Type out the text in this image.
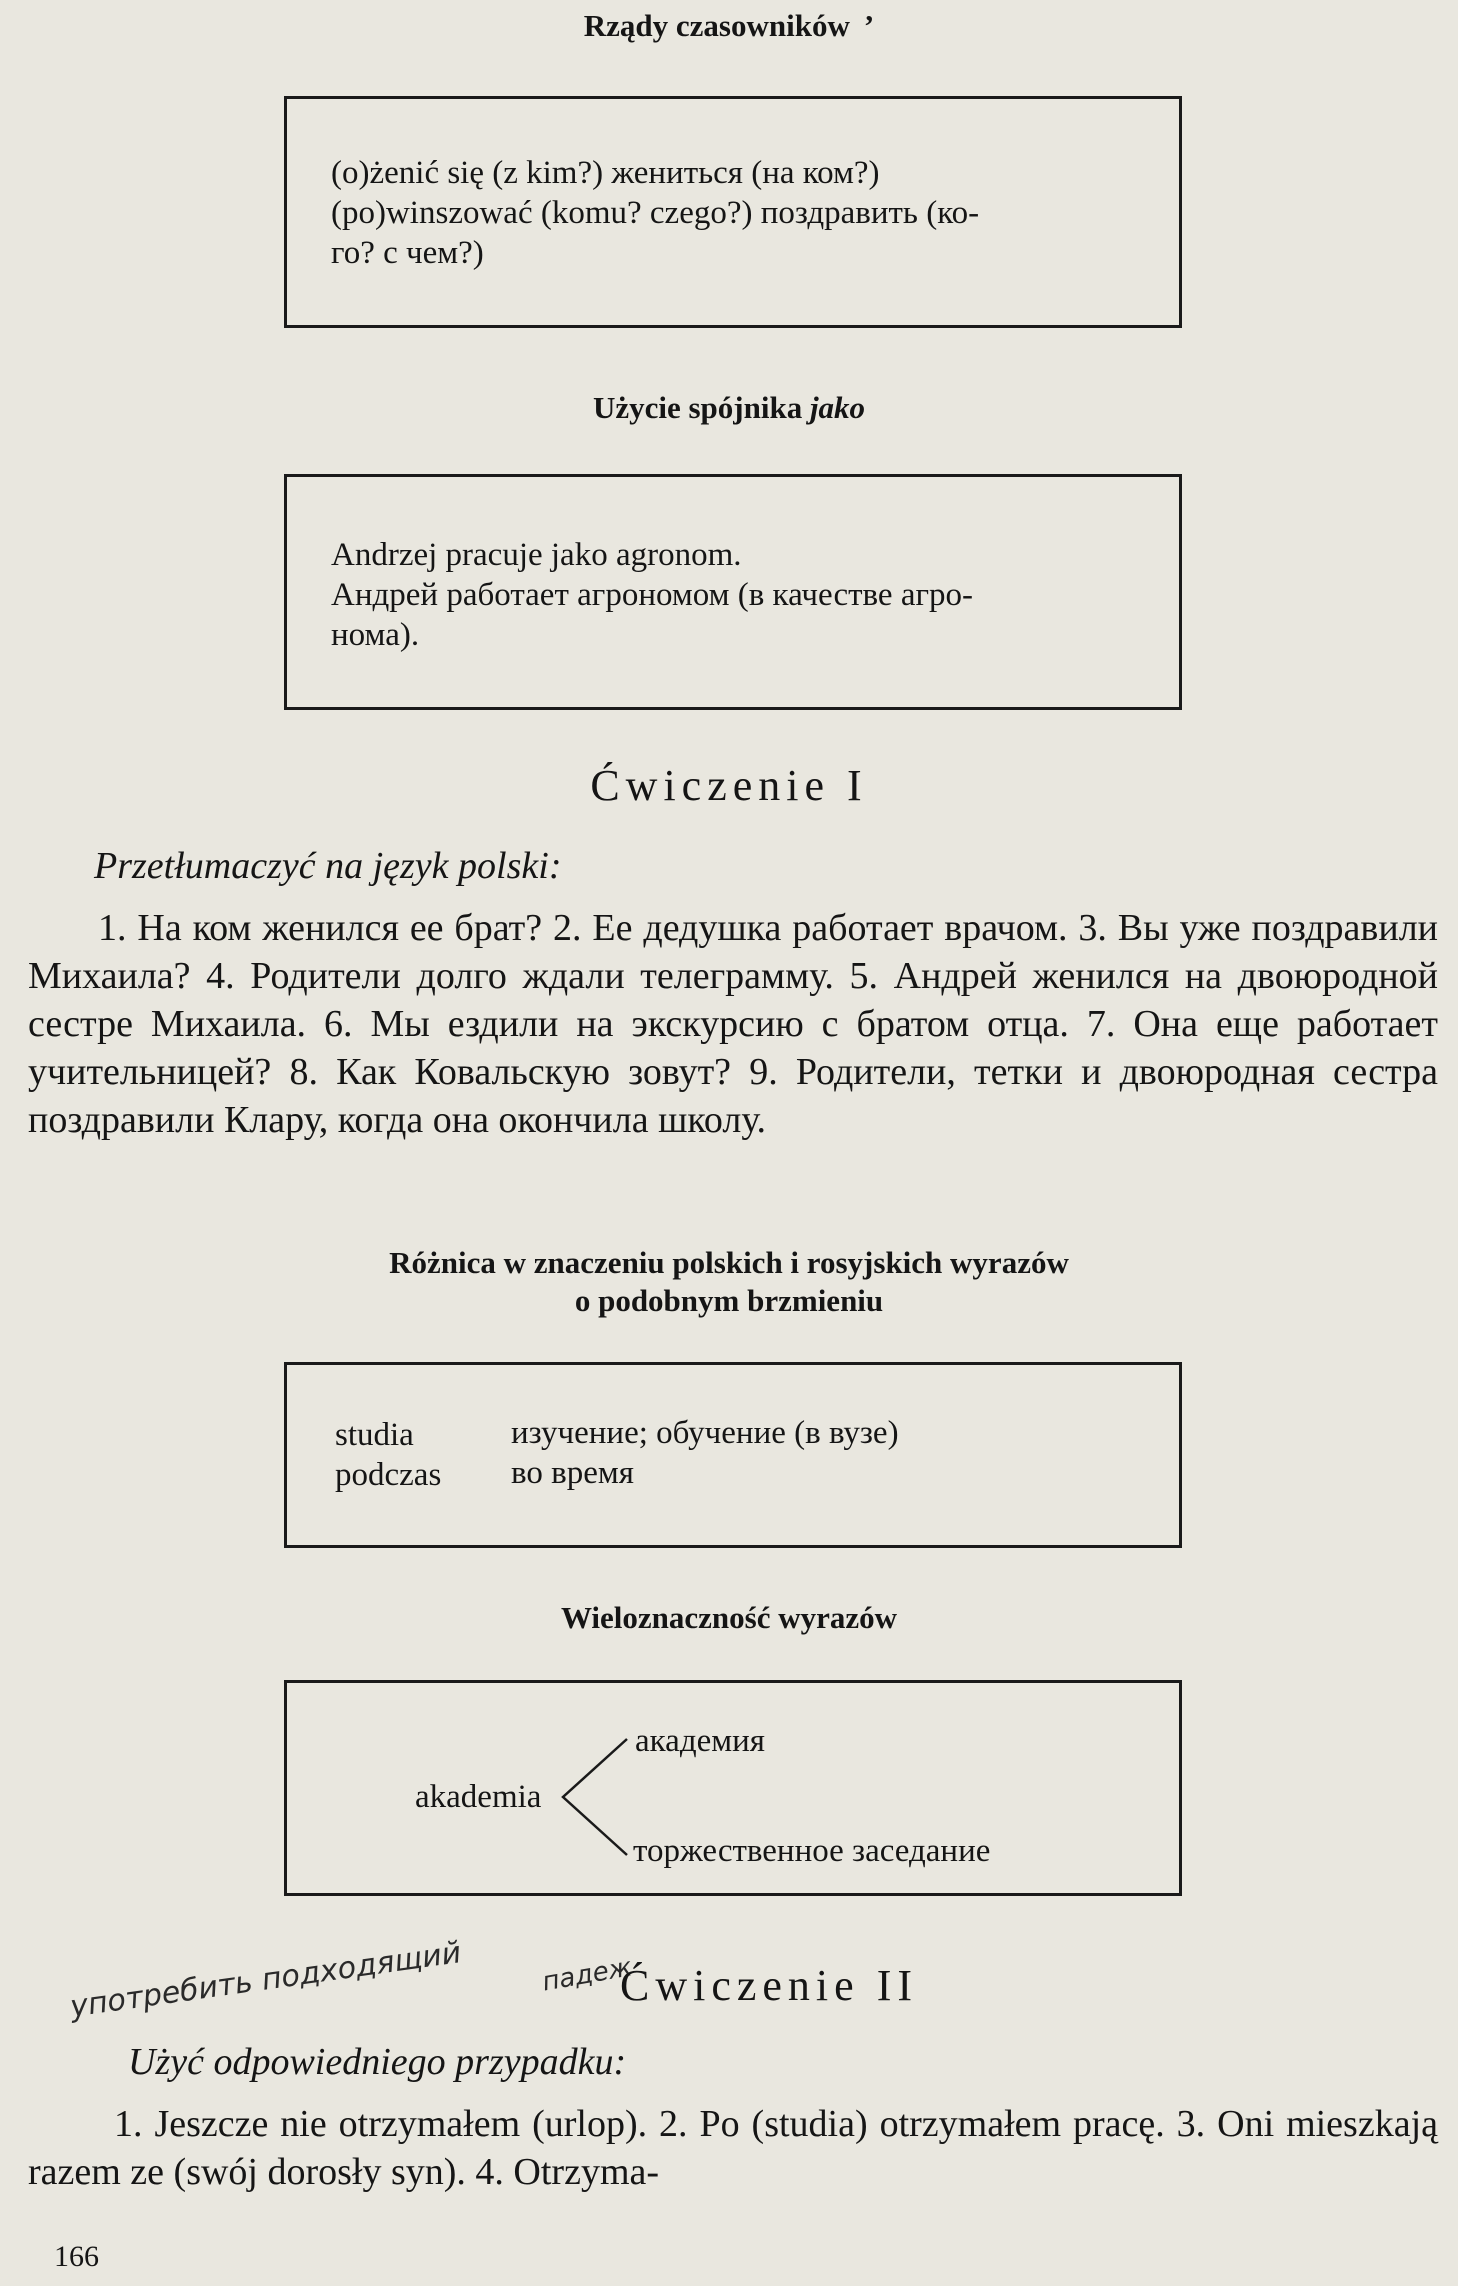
Rządy czasowników ’
(o)żenić się (z kim?) жениться (на ком?)
(po)winszować (komu? czego?) поздравить (ко-
го? с чем?)
Użycie spójnika jako
Andrzej pracuje jako agronom.
Андрей работает агрономом (в качестве агро-
нома).
Ćwiczenie I
Przetłumaczyć na język polski:
1. На ком женился ее брат? 2. Ее дедушка работает врачом. 3. Вы уже поздравили Михаила? 4. Родители долго ждали телеграмму. 5. Андрей женился на двоюродной сестре Михаила. 6. Мы ездили на экскурсию с братом отца. 7. Она еще работает учительницей? 8. Как Ковальскую зовут? 9. Родители, тетки и двоюродная сестра поздравили Клару, когда она окончила школу.
Różnica w znaczeniu polskich i rosyjskich wyrazów
o podobnym brzmieniu
studia	изучение; обучение (в вузе)
podczas во время
Wieloznaczność wyrazów
akademia
академия
торжественное заседание
употребить подходящий	падеж
Ćwiczenie II
Użyć odpowiedniego przypadku:
1. Jeszcze nie otrzymałem (urlop). 2. Po (studia) otrzymałem pracę. 3. Oni mieszkają razem ze (swój dorosły syn). 4. Otrzyma-
166
